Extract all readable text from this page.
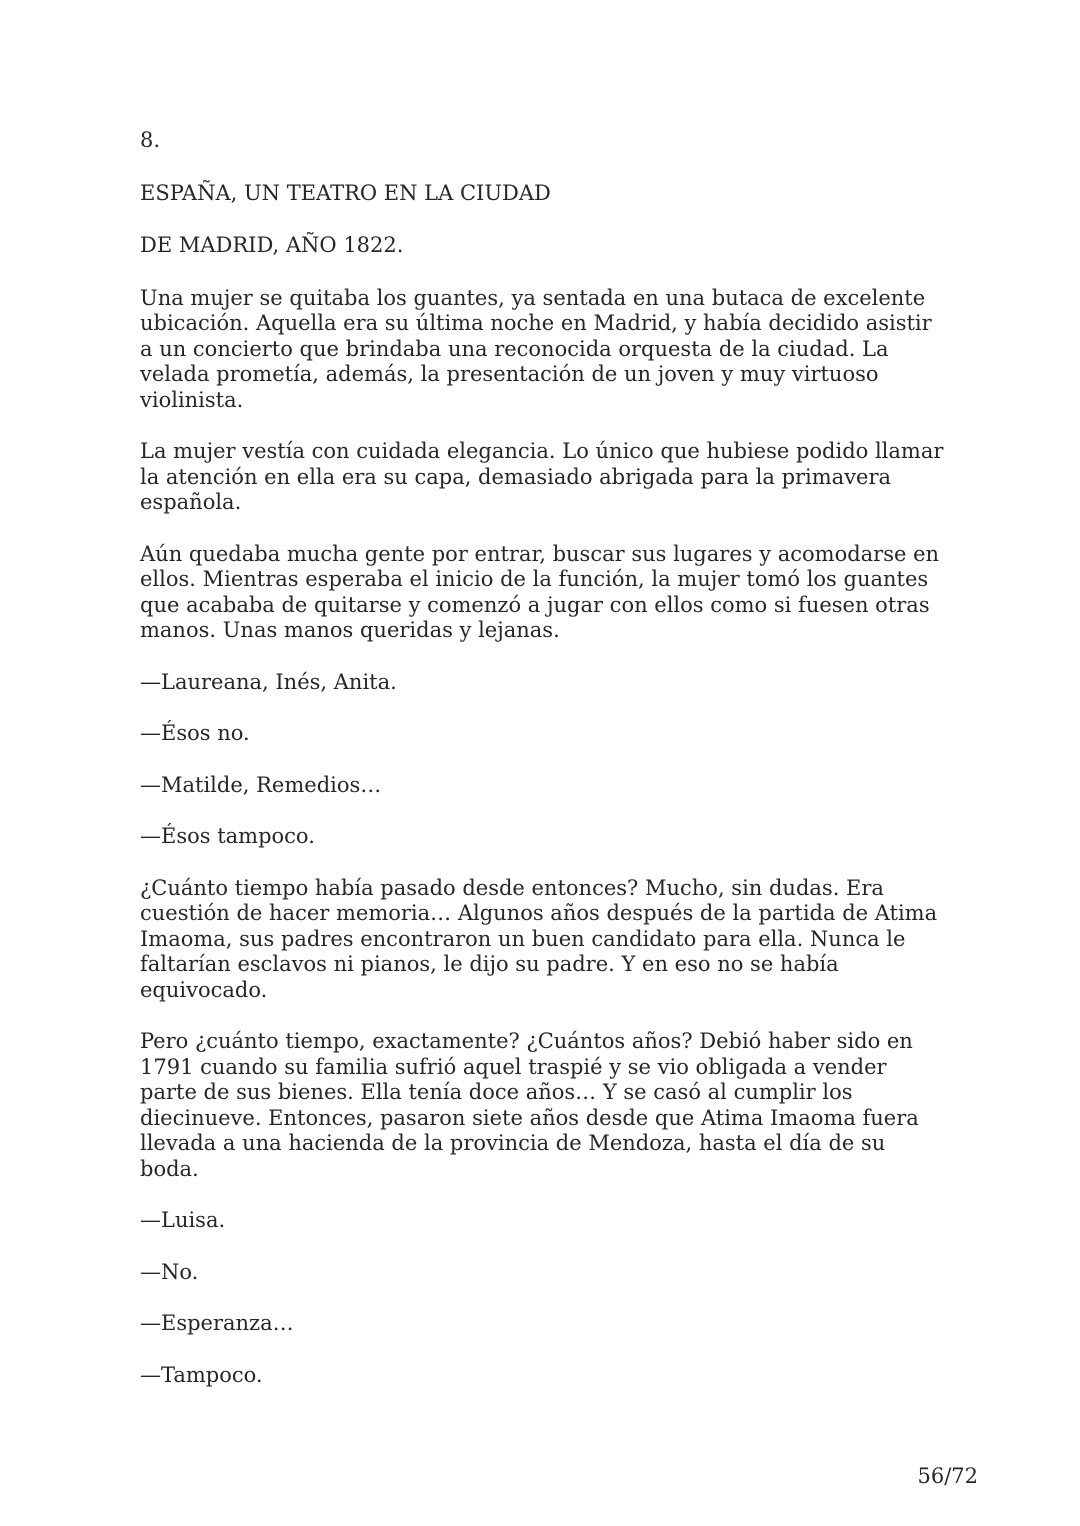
8.

ESPAÑA, UN TEATRO EN LA CIUDAD

DE MADRID, AÑO 1822.

Una mujer se quitaba los guantes, ya sentada en una butaca de excelente ubicación. Aquella era su última noche en Madrid, y había decidido asistir a un concierto que brindaba una reconocida orquesta de la ciudad. La velada prometía, además, la presentación de un joven y muy virtuoso violinista.

La mujer vestía con cuidada elegancia. Lo único que hubiese podido llamar la atención en ella era su capa, demasiado abrigada para la primavera española.

Aún quedaba mucha gente por entrar, buscar sus lugares y acomodarse en ellos. Mientras esperaba el inicio de la función, la mujer tomó los guantes que acababa de quitarse y comenzó a jugar con ellos como si fuesen otras manos. Unas manos queridas y lejanas.

—Laureana, Inés, Anita.

—Ésos no.

—Matilde, Remedios…

—Ésos tampoco.

¿Cuánto tiempo había pasado desde entonces? Mucho, sin dudas. Era cuestión de hacer memoria… Algunos años después de la partida de Atima Imaoma, sus padres encontraron un buen candidato para ella. Nunca le faltarían esclavos ni pianos, le dijo su padre. Y en eso no se había equivocado.

Pero ¿cuánto tiempo, exactamente? ¿Cuántos años? Debió haber sido en 1791 cuando su familia sufrió aquel traspié y se vio obligada a vender parte de sus bienes. Ella tenía doce años… Y se casó al cumplir los diecinueve. Entonces, pasaron siete años desde que Atima Imaoma fuera llevada a una hacienda de la provincia de Mendoza, hasta el día de su boda.

—Luisa.

—No.

—Esperanza…

—Tampoco.

56/72
